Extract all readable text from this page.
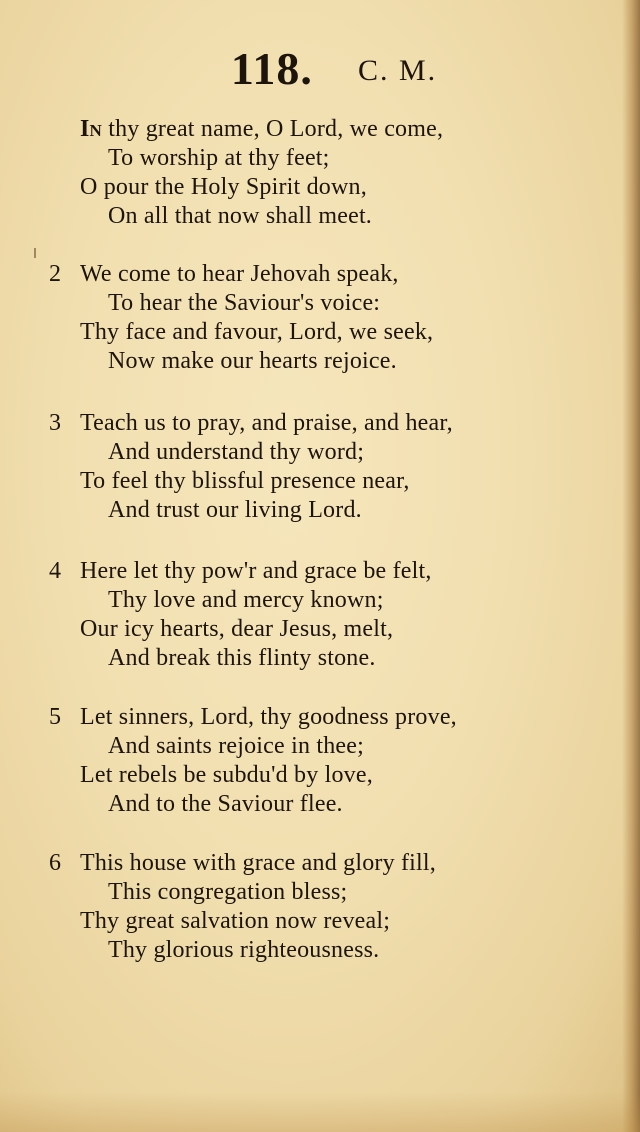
118. C. M.
In thy great name, O Lord, we come,
To worship at thy feet;
O pour the Holy Spirit down,
On all that now shall meet.
2 We come to hear Jehovah speak,
To hear the Saviour's voice:
Thy face and favour, Lord, we seek,
Now make our hearts rejoice.
3 Teach us to pray, and praise, and hear,
And understand thy word;
To feel thy blissful presence near,
And trust our living Lord.
4 Here let thy pow'r and grace be felt,
Thy love and mercy known;
Our icy hearts, dear Jesus, melt,
And break this flinty stone.
5 Let sinners, Lord, thy goodness prove,
And saints rejoice in thee;
Let rebels be subdu'd by love,
And to the Saviour flee.
6 This house with grace and glory fill,
This congregation bless;
Thy great salvation now reveal;
Thy glorious righteousness.
